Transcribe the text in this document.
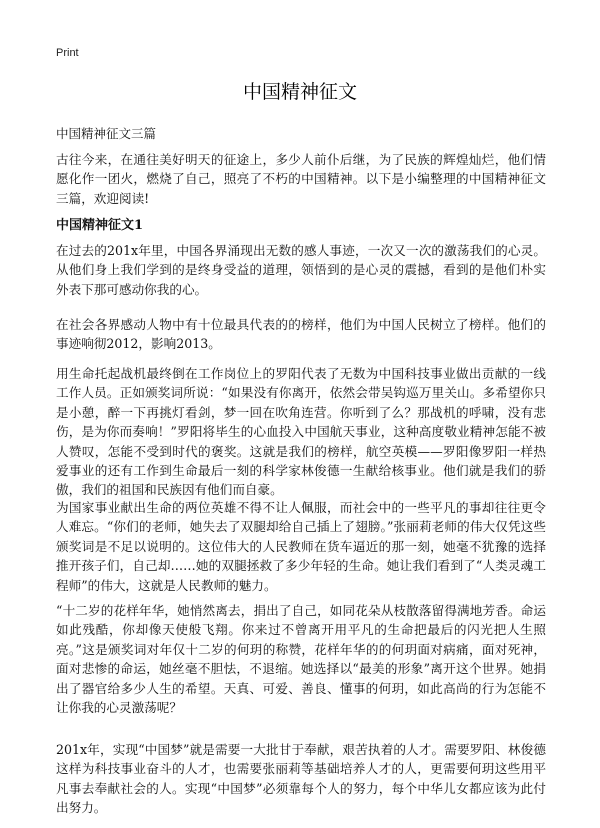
Print
中国精神征文

中国精神征文三篇

古往今来，在通往美好明天的征途上，多少人前仆后继，为了民族的辉煌灿烂，他们情愿化作一团火，燃烧了自己，照亮了不朽的中国精神。以下是小编整理的中国精神征文三篇，欢迎阅读!

中国精神征文1

在过去的201x年里，中国各界涌现出无数的感人事迹，一次又一次的激荡我们的心灵。从他们身上我们学到的是终身受益的道理，领悟到的是心灵的震撼，看到的是他们朴实外表下那可感动你我的心。

在社会各界感动人物中有十位最具代表的的榜样，他们为中国人民树立了榜样。他们的事迹响彻2012，影响2013。

用生命托起战机最终倒在工作岗位上的罗阳代表了无数为中国科技事业做出贡献的一线工作人员。正如颁奖词所说：“如果没有你离开，依然会带吴钩巡万里关山。多希望你只是小憩，醉一下再挑灯看剑，梦一回在吹角连营。你听到了么？那战机的呼啸，没有悲伤，是为你而奏响！”罗阳将毕生的心血投入中国航天事业，这种高度敬业精神怎能不被人赞叹，怎能不受到时代的褒奖。这就是我们的榜样，航空英模——罗阳像罗阳一样热爱事业的还有工作到生命最后一刻的科学家林俊德一生献给核事业。他们就是我们的骄傲，我们的祖国和民族因有他们而自豪。

为国家事业献出生命的两位英雄不得不让人佩服，而社会中的一些平凡的事却往往更令人难忘。“你们的老师，她失去了双腿却给自己插上了翅膀。”张丽莉老师的伟大仅凭这些颁奖词是不足以说明的。这位伟大的人民教师在货车逼近的那一刻，她毫不犹豫的选择推开孩子们，自己却……她的双腿拯救了多少年轻的生命。她让我们看到了“人类灵魂工程师”的伟大，这就是人民教师的魅力。

“十二岁的花样年华，她悄然离去，捐出了自己，如同花朵从枝散落留得满地芳香。命运如此残酷，你却像天使般飞翔。你来过不曾离开用平凡的生命把最后的闪光把人生照亮。”这是颁奖词对年仅十二岁的何玥的称赞，花样年华的的何玥面对病痛，面对死神，面对悲惨的命运，她丝毫不胆怯，不退缩。她选择以“最美的形象”离开这个世界。她捐出了器官给多少人生的希望。天真、可爱、善良、懂事的何玥，如此高尚的行为怎能不让你我的心灵激荡呢？

201x年，实现“中国梦”就是需要一大批甘于奉献，艰苦执着的人才。需要罗阳、林俊德这样为科技事业奋斗的人才，也需要张丽莉等基础培养人才的人，更需要何玥这些用平凡事去奉献社会的人。实现“中国梦”必须靠每个人的努力，每个中华儿女都应该为此付出努力。
